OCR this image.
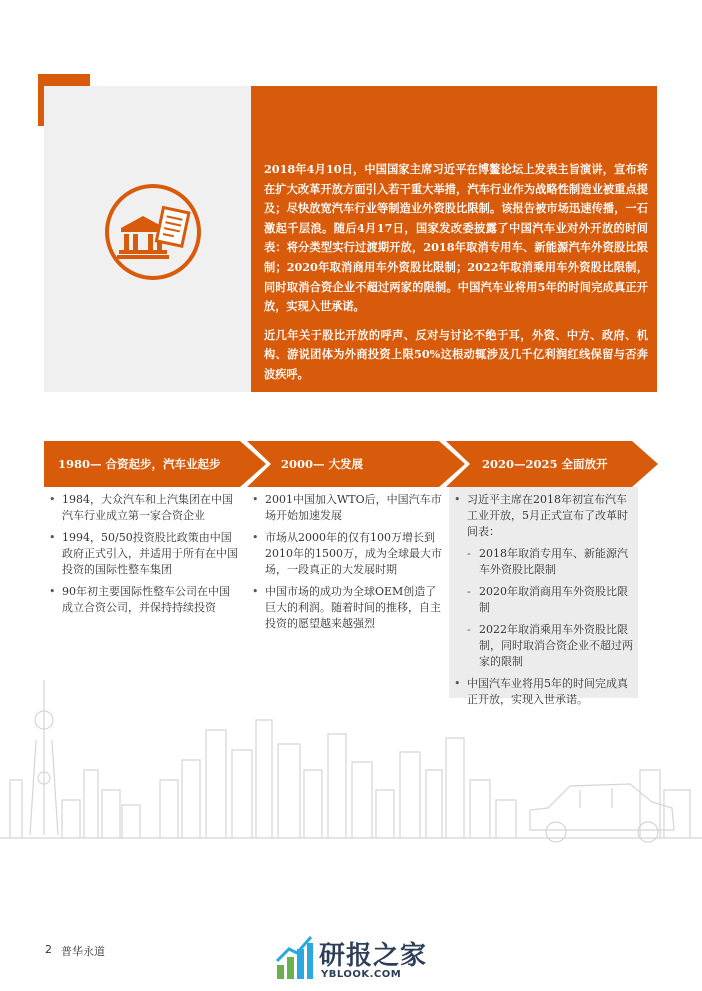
2018年4月10日，中国国家主席习近平在博鳌论坛上发表主旨演讲，宣布将在扩大改革开放方面引入若干重大举措，汽车行业作为战略性制造业被重点提及；尽快放宽汽车行业等制造业外资股比限制。该报告被市场迅速传播，一石激起千层浪。随后4月17日，国家发改委披露了中国汽车业对外开放的时间表：将分类型实行过渡期开放，2018年取消专用车、新能源汽车外资股比限制；2020年取消商用车外资股比限制；2022年取消乘用车外资股比限制，同时取消合资企业不超过两家的限制。中国汽车业将用5年的时间完成真正开放，实现入世承诺。

近几年关于股比开放的呼声、反对与讨论不绝于耳，外资、中方、政府、机构、游说团体为外商投资上限50%这根动辄涉及几千亿利润红线保留与否奔波疾呼。

1980— 合资起步，汽车业起步	2000— 大发展	2020—2025 全面放开
• 1984，大众汽车和上汽集团在中国汽车行业成立第一家合资企业
• 1994，50/50投资股比政策由中国政府正式引入，并适用于所有在中国投资的国际性整车集团
• 90年初主要国际性整车公司在中国成立合资公司，并保持持续投资
• 2001中国加入WTO后，中国汽车市场开始加速发展
• 市场从2000年的仅有100万增长到2010年的1500万，成为全球最大市场，一段真正的大发展时期
• 中国市场的成功为全球OEM创造了巨大的利润。随着时间的推移，自主投资的愿望越来越强烈
• 习近平主席在2018年初宣布汽车工业开放，5月正式宣布了改革时间表：
- 2018年取消专用车、新能源汽车外资股比限制
- 2020年取消商用车外资股比限制
- 2022年取消乘用车外资股比限制，同时取消合资企业不超过两家的限制
• 中国汽车业将用5年的时间完成真正开放，实现入世承诺。
2 普华永道	研报之家
YBLOOK.COM
